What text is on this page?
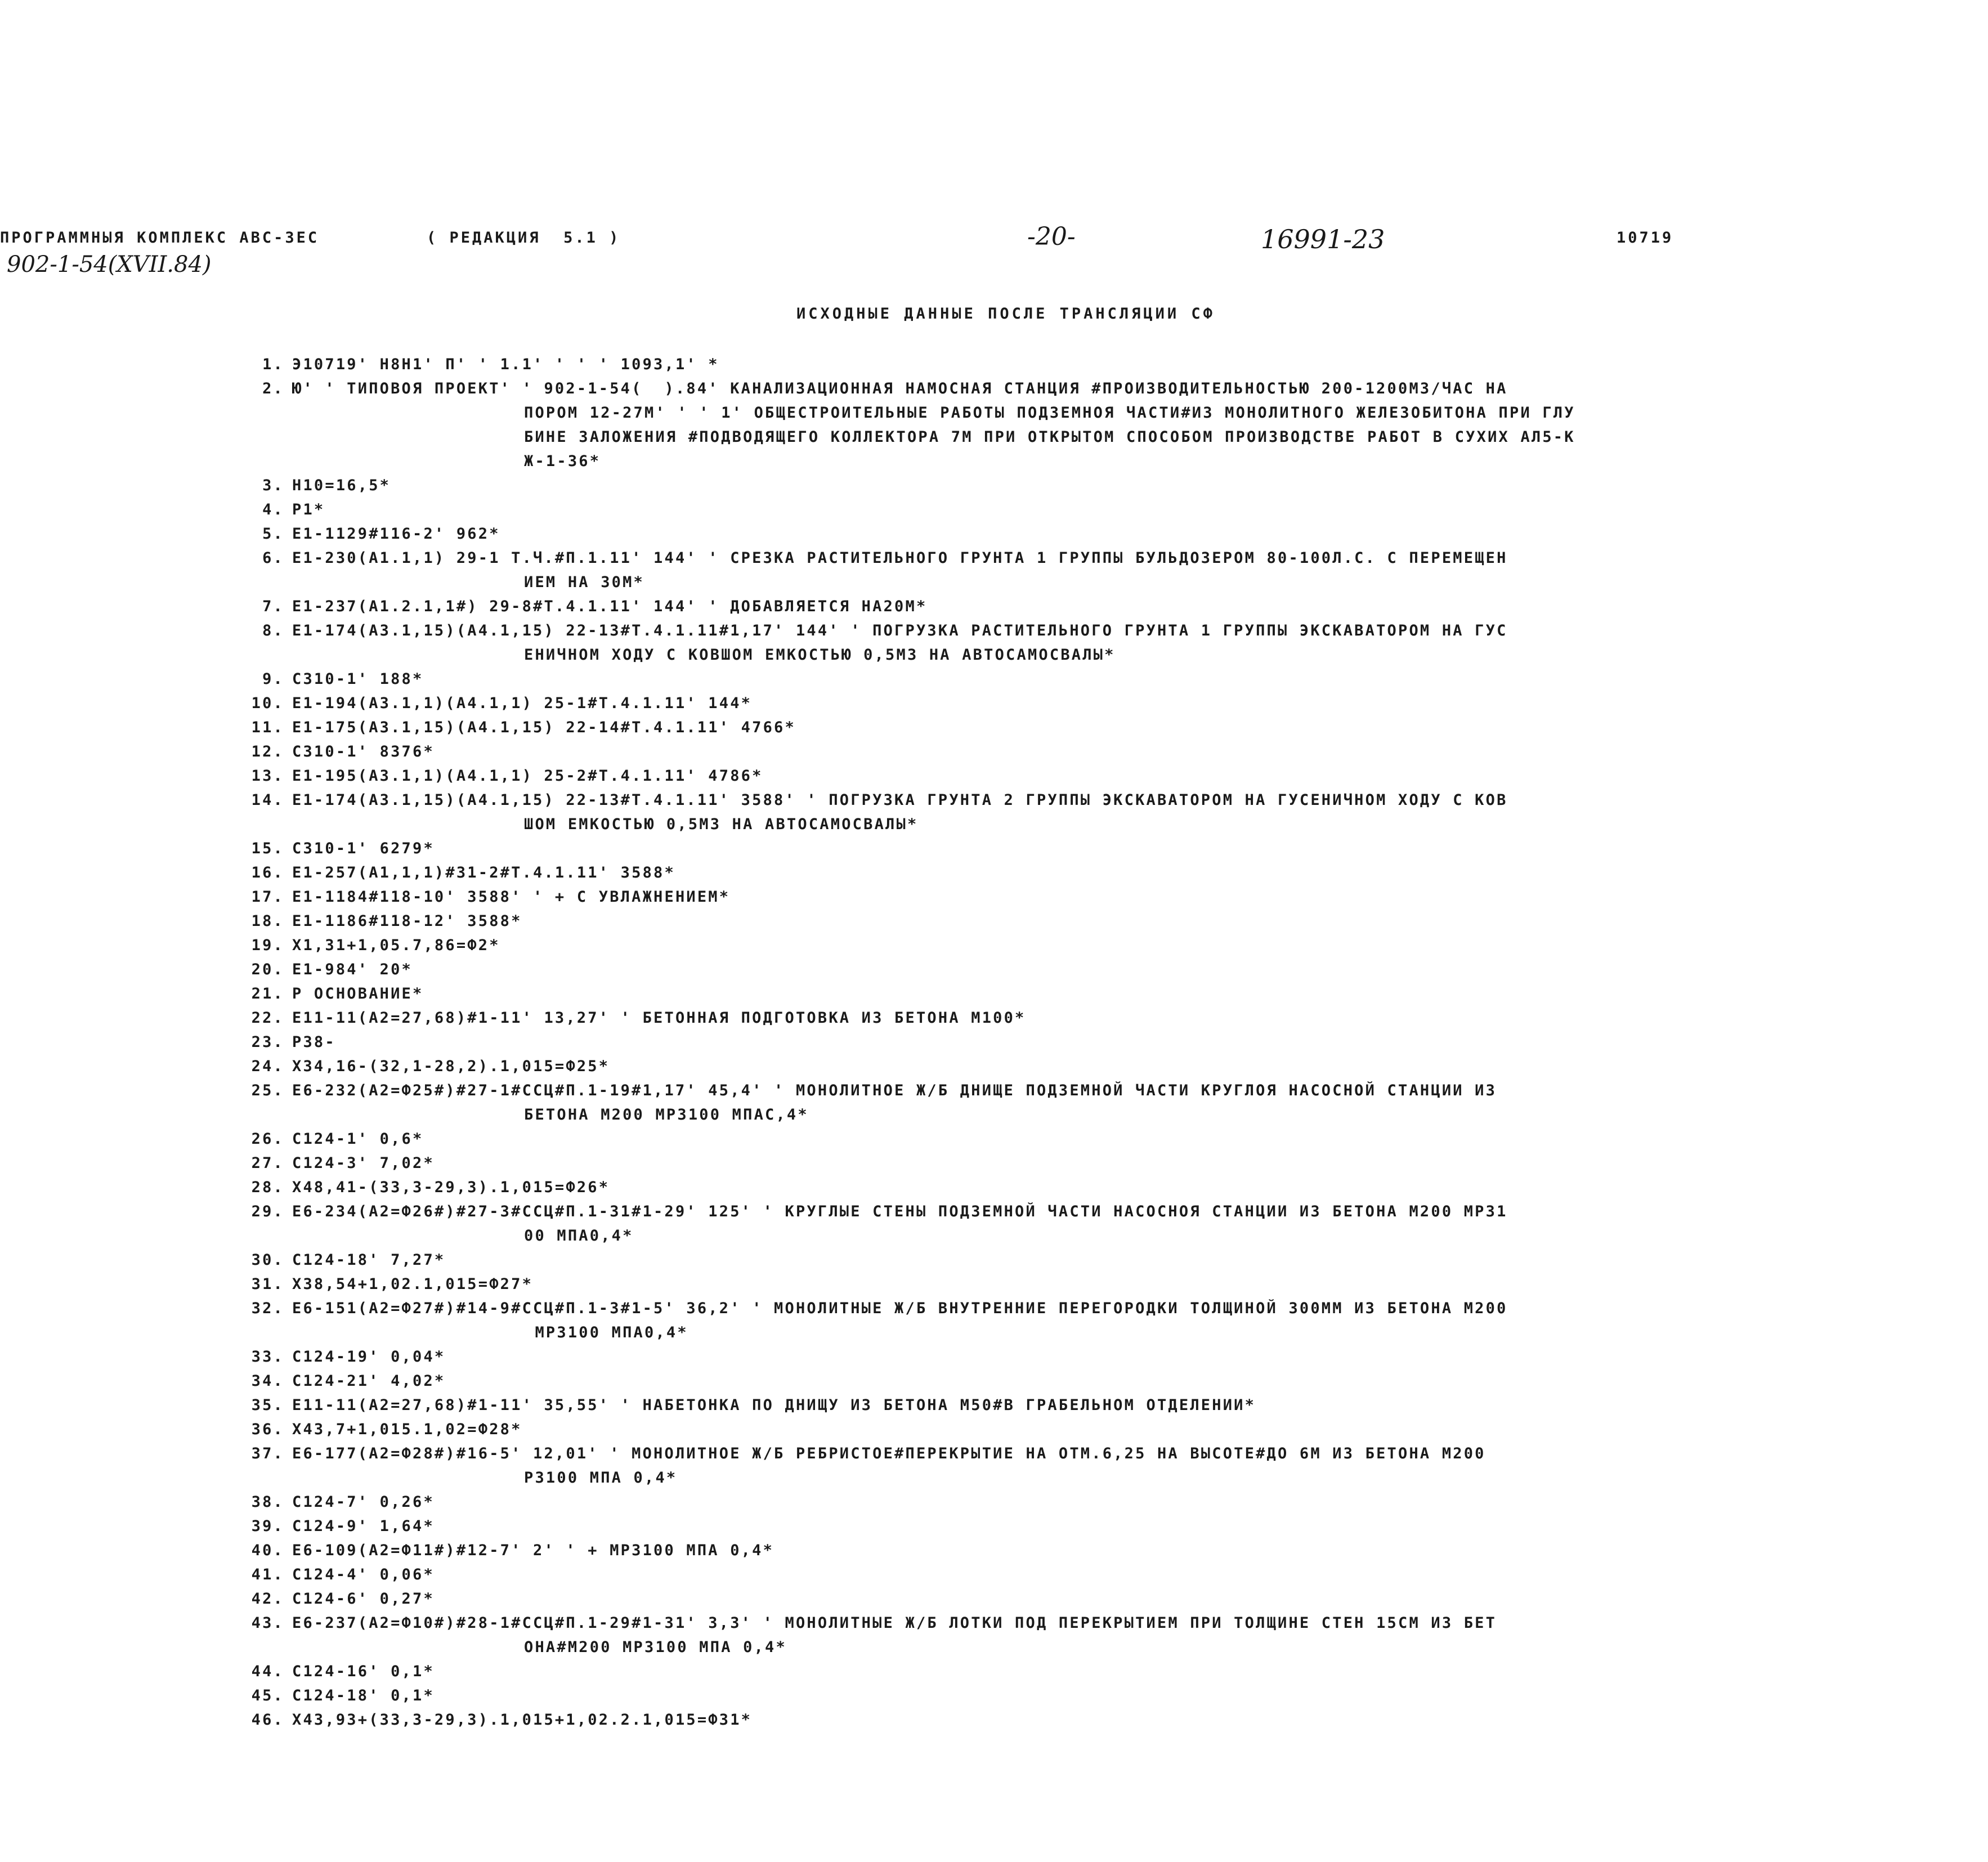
ПРОГРАММНЫЯ КОМПЛЕКС АВС-3ЕС	( РЕДАКЦИЯ  5.1 )	-20-	16991-23	10719
902-1-54(XVII.84)
ИСХОДНЫЕ ДАННЫЕ ПОСЛЕ ТРАНСЛЯЦИИ СФ
1. Э10719' Н8Н1' П' ' 1.1' ' ' ' 1093,1' *
2. Ю' ' ТИПОВОЯ ПРОЕКТ' ' 902-1-54(  ).84' КАНАЛИЗАЦИОННАЯ НАМОСНАЯ СТАНЦИЯ #ПРОИЗВОДИТЕЛЬНОСТЬЮ 200-1200М3/ЧАС НА
ПОРОМ 12-27М' ' ' 1' ОБЩЕСТРОИТЕЛЬНЫЕ РАБОТЫ ПОДЗЕМНОЯ ЧАСТИ#ИЗ МОНОЛИТНОГО ЖЕЛЕЗОБИТОНА ПРИ ГЛУ
БИНЕ ЗАЛОЖЕНИЯ #ПОДВОДЯЩЕГО КОЛЛЕКТОРА 7М ПРИ ОТКРЫТОМ СПОСОБОМ ПРОИЗВОДСТВЕ РАБОТ В СУХИХ АЛ5-К
Ж-1-36*
3. Н10=16,5*
4. Р1*
5. Е1-1129#116-2' 962*
6. Е1-230(А1.1,1) 29-1 Т.Ч.#П.1.11' 144' ' СРЕЗКА РАСТИТЕЛЬНОГО ГРУНТА 1 ГРУППЫ БУЛЬДОЗЕРОМ 80-100Л.С. С ПЕРЕМЕЩЕН
ИЕМ НА 30М*
7. Е1-237(А1.2.1,1#) 29-8#Т.4.1.11' 144' ' ДОБАВЛЯЕТСЯ НА20М*
8. Е1-174(А3.1,15)(А4.1,15) 22-13#Т.4.1.11#1,17' 144' ' ПОГРУЗКА РАСТИТЕЛЬНОГО ГРУНТА 1 ГРУППЫ ЭКСКАВАТОРОМ НА ГУС
ЕНИЧНОМ ХОДУ С КОВШОМ ЕМКОСТЬЮ 0,5М3 НА АВТОСАМОСВАЛЫ*
9. С310-1' 188*
10. Е1-194(А3.1,1)(А4.1,1) 25-1#Т.4.1.11' 144*
11. Е1-175(А3.1,15)(А4.1,15) 22-14#Т.4.1.11' 4766*
12. С310-1' 8376*
13. Е1-195(А3.1,1)(А4.1,1) 25-2#Т.4.1.11' 4786*
14. Е1-174(А3.1,15)(А4.1,15) 22-13#Т.4.1.11' 3588' ' ПОГРУЗКА ГРУНТА 2 ГРУППЫ ЭКСКАВАТОРОМ НА ГУСЕНИЧНОМ ХОДУ С КОВ
ШОМ ЕМКОСТЬЮ 0,5М3 НА АВТОСАМОСВАЛЫ*
15. С310-1' 6279*
16. Е1-257(А1,1,1)#31-2#Т.4.1.11' 3588*
17. Е1-1184#118-10' 3588' ' + С УВЛАЖНЕНИЕМ*
18. Е1-1186#118-12' 3588*
19. Х1,31+1,05.7,86=Ф2*
20. Е1-984' 20*
21. Р ОСНОВАНИЕ*
22. Е11-11(А2=27,68)#1-11' 13,27' ' БЕТОННАЯ ПОДГОТОВКА ИЗ БЕТОНА М100*
23. Р38-
24. Х34,16-(32,1-28,2).1,015=Ф25*
25. Е6-232(А2=Ф25#)#27-1#ССЦ#П.1-19#1,17' 45,4' ' МОНОЛИТНОЕ Ж/Б ДНИЩЕ ПОДЗЕМНОЙ ЧАСТИ КРУГЛОЯ НАСОСНОЙ СТАНЦИИ ИЗ
БЕТОНА М200 МР3100 МПАС,4*
26. С124-1' 0,6*
27. С124-3' 7,02*
28. Х48,41-(33,3-29,3).1,015=Ф26*
29. Е6-234(А2=Ф26#)#27-3#ССЦ#П.1-31#1-29' 125' ' КРУГЛЫЕ СТЕНЫ ПОДЗЕМНОЙ ЧАСТИ НАСОСНОЯ СТАНЦИИ ИЗ БЕТОНА М200 МР31
00 МПА0,4*
30. С124-18' 7,27*
31. Х38,54+1,02.1,015=Ф27*
32. Е6-151(А2=Ф27#)#14-9#ССЦ#П.1-3#1-5' 36,2' ' МОНОЛИТНЫЕ Ж/Б ВНУТРЕННИЕ ПЕРЕГОРОДКИ ТОЛЩИНОЙ 300ММ ИЗ БЕТОНА М200
МР3100 МПА0,4*
33. С124-19' 0,04*
34. С124-21' 4,02*
35. Е11-11(А2=27,68)#1-11' 35,55' ' НАБЕТОНКА ПО ДНИЩУ ИЗ БЕТОНА М50#В ГРАБЕЛЬНОМ ОТДЕЛЕНИИ*
36. Х43,7+1,015.1,02=Ф28*
37. Е6-177(А2=Ф28#)#16-5' 12,01' ' МОНОЛИТНОЕ Ж/Б РЕБРИСТОЕ#ПЕРЕКРЫТИЕ НА ОТМ.6,25 НА ВЫСОТЕ#ДО 6М ИЗ БЕТОНА М200
Р3100 МПА 0,4*
38. С124-7' 0,26*
39. С124-9' 1,64*
40. Е6-109(А2=Ф11#)#12-7' 2' ' + МР3100 МПА 0,4*
41. С124-4' 0,06*
42. С124-6' 0,27*
43. Е6-237(А2=Ф10#)#28-1#ССЦ#П.1-29#1-31' 3,3' ' МОНОЛИТНЫЕ Ж/Б ЛОТКИ ПОД ПЕРЕКРЫТИЕМ ПРИ ТОЛЩИНЕ СТЕН 15СМ ИЗ БЕТ
ОНА#М200 МР3100 МПА 0,4*
44. С124-16' 0,1*
45. С124-18' 0,1*
46. Х43,93+(33,3-29,3).1,015+1,02.2.1,015=Ф31*
